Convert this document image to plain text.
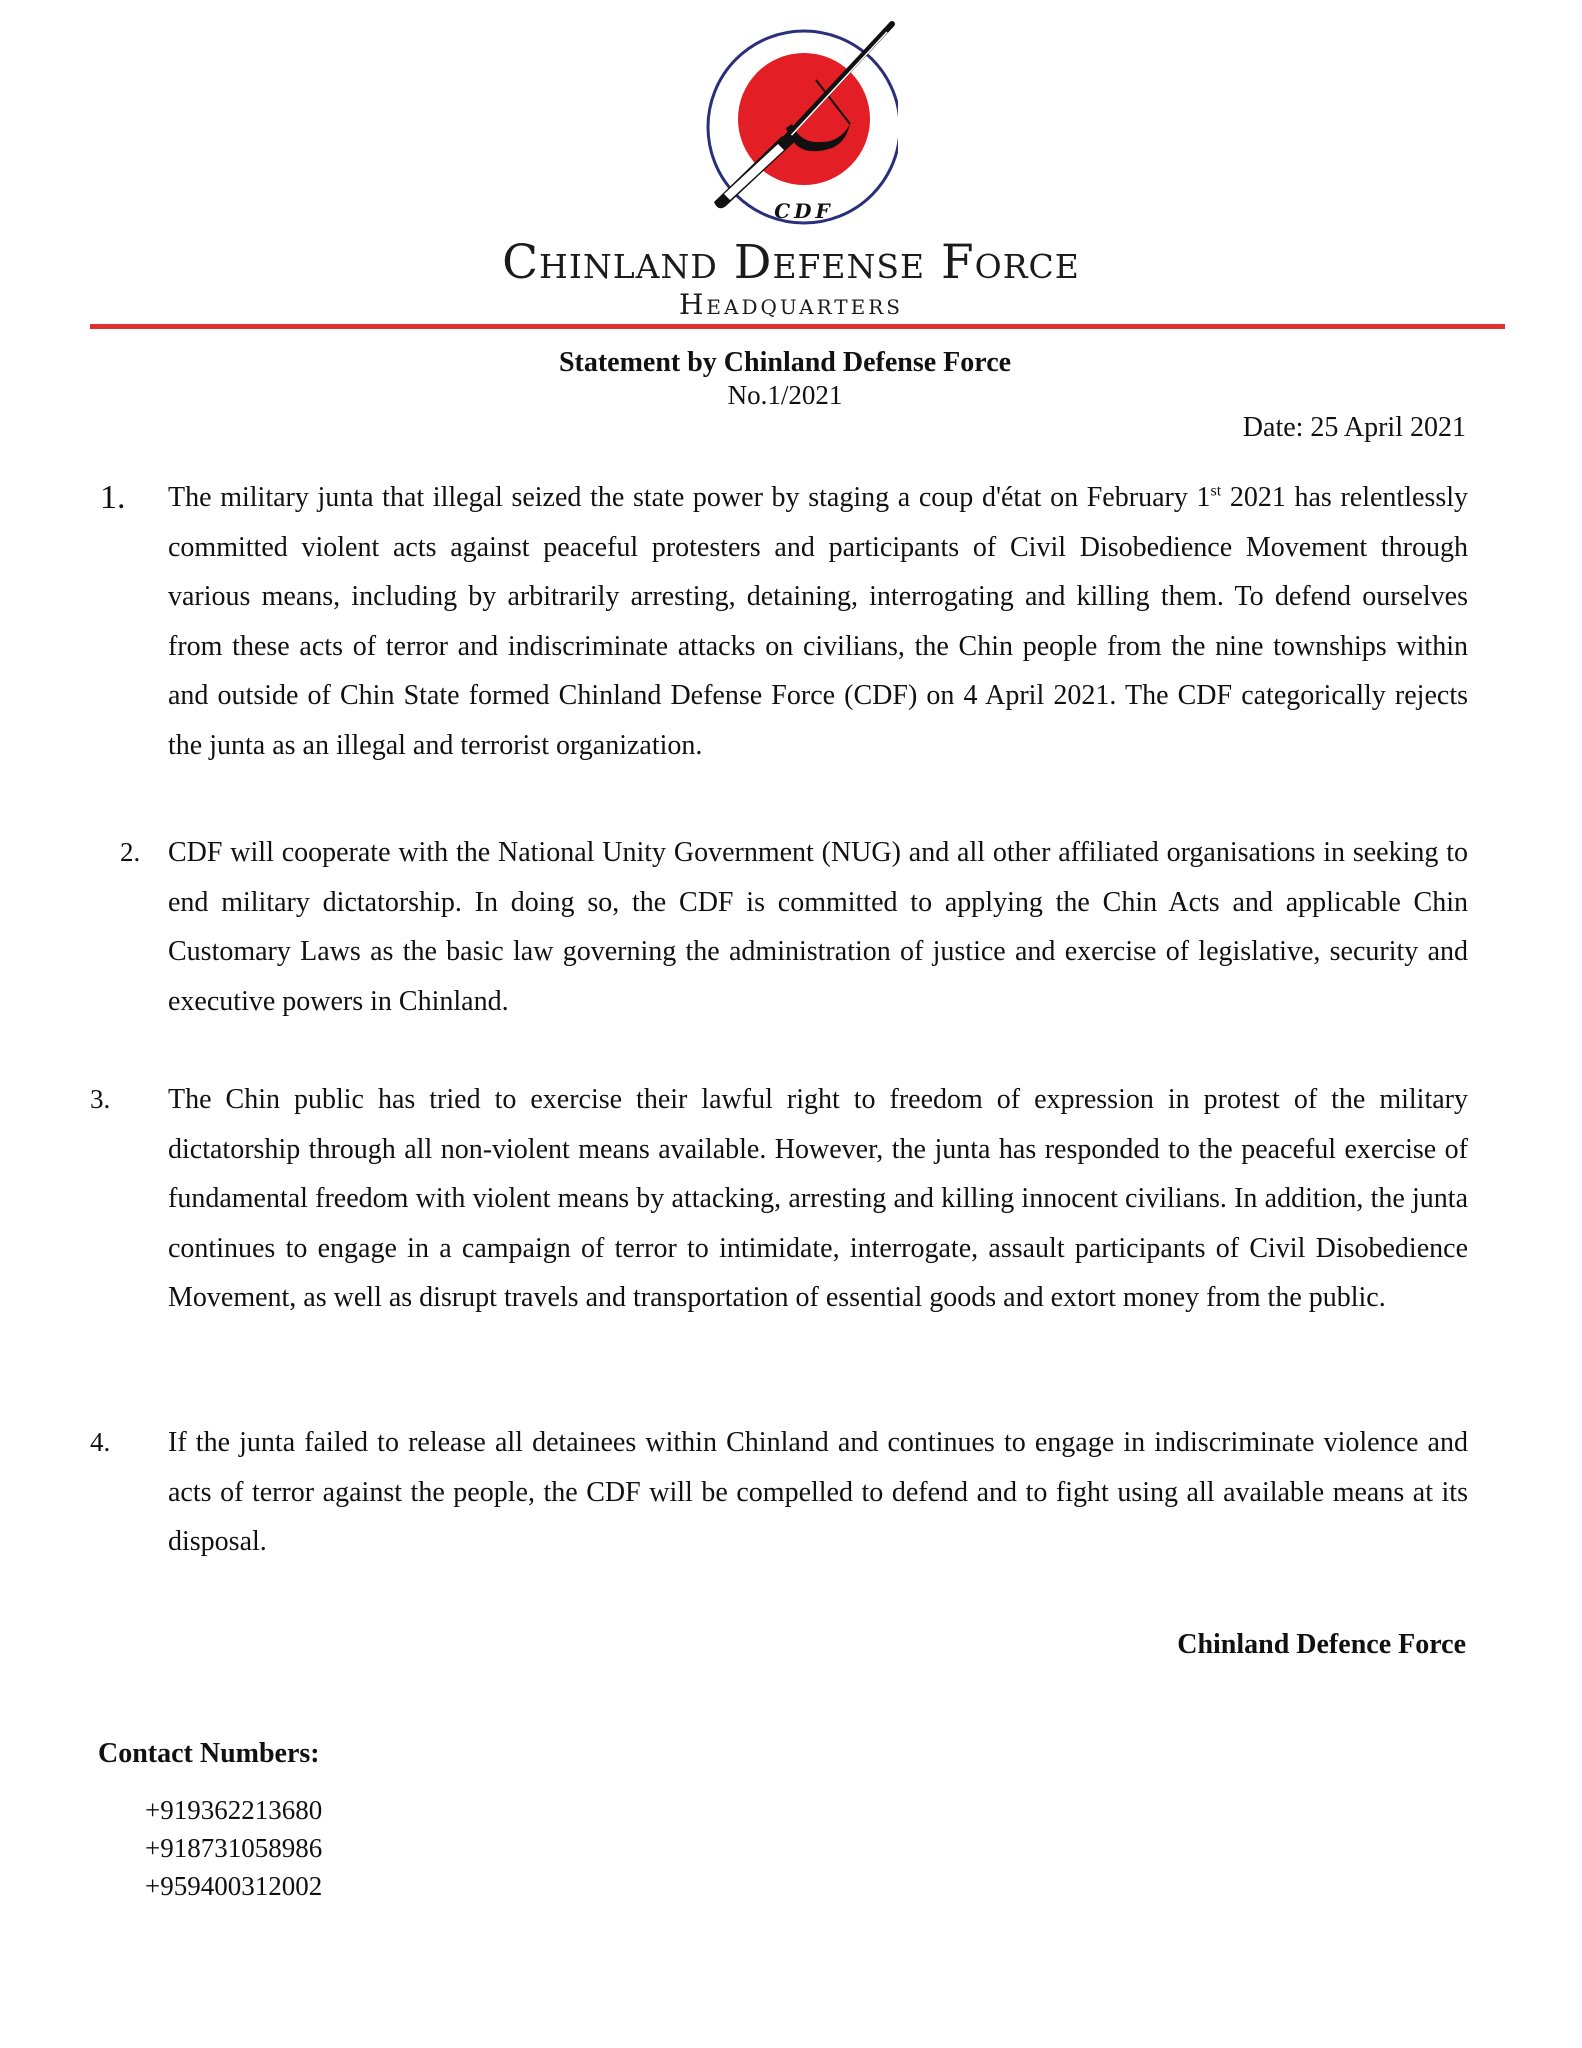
CDF
Chinland Defense Force
Headquarters
Statement by Chinland Defense Force
No.1/2021
Date: 25 April 2021
1. The military junta that illegal seized the state power by staging a coup d'état on February 1st 2021 has relentlessly committed violent acts against peaceful protesters and participants of Civil Disobedience Movement through various means, including by arbitrarily arresting, detaining, interrogating and killing them. To defend ourselves from these acts of terror and indiscriminate attacks on civilians, the Chin people from the nine townships within and outside of Chin State formed Chinland Defense Force (CDF) on 4 April 2021. The CDF categorically rejects the junta as an illegal and terrorist organization.
2. CDF will cooperate with the National Unity Government (NUG) and all other affiliated organisations in seeking to end military dictatorship. In doing so, the CDF is committed to applying the Chin Acts and applicable Chin Customary Laws as the basic law governing the administration of justice and exercise of legislative, security and executive powers in Chinland.
3. The Chin public has tried to exercise their lawful right to freedom of expression in protest of the military dictatorship through all non-violent means available. However, the junta has responded to the peaceful exercise of fundamental freedom with violent means by attacking, arresting and killing innocent civilians. In addition, the junta continues to engage in a campaign of terror to intimidate, interrogate, assault participants of Civil Disobedience Movement, as well as disrupt travels and transportation of essential goods and extort money from the public.
4. If the junta failed to release all detainees within Chinland and continues to engage in indiscriminate violence and acts of terror against the people, the CDF will be compelled to defend and to fight using all available means at its disposal.
Chinland Defence Force
Contact Numbers:
+919362213680
+918731058986
+959400312002
